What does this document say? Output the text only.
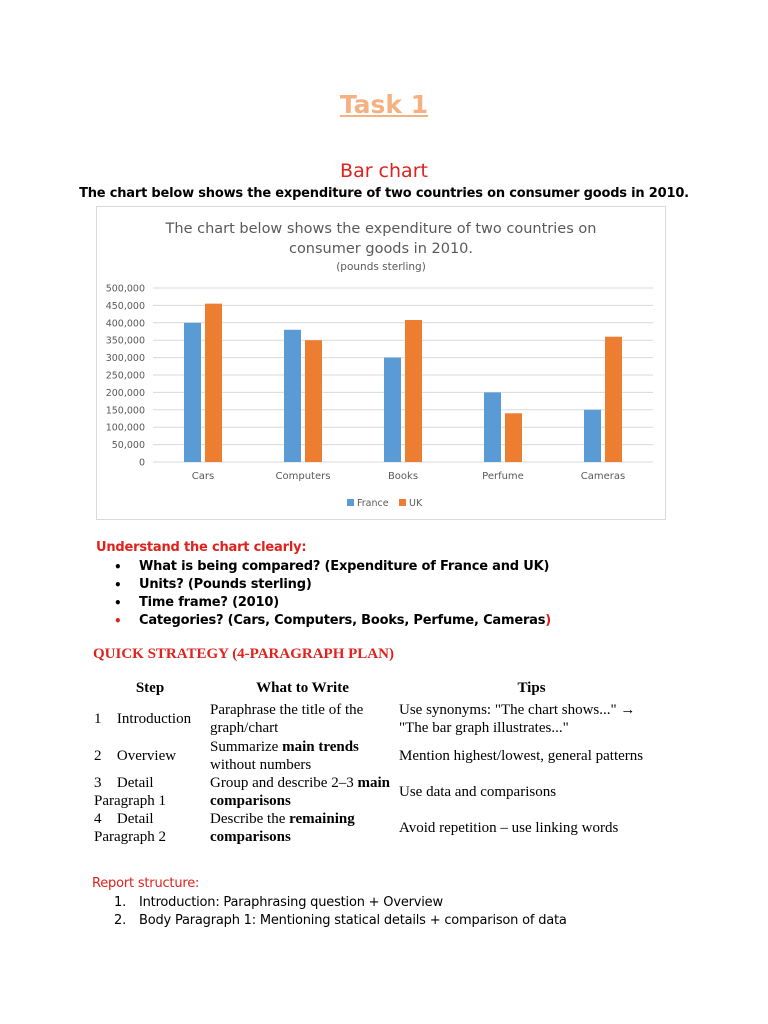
Task 1
Bar chart
The chart below shows the expenditure of two countries on consumer goods in 2010.
The chart below shows the expenditure of two countries on
consumer goods in 2010.
(pounds sterling)
0
50,000
100,000
150,000
200,000
250,000
300,000
350,000
400,000
450,000
500,000
Cars	Computers	Books	Perfume	Cameras
France UK
Understand the chart clearly:
• What is being compared? (Expenditure of France and UK)
• Units? (Pounds sterling)
• Time frame? (2010)
• Categories? (Cars, Computers, Books, Perfume, Cameras)
QUICK STRATEGY (4-PARAGRAPH PLAN)
Step	What to Write	Tips
1⃣ Introduction	Paraphrase the title of the graph/chart	Use synonyms: "The chart shows..." → "The bar graph illustrates..."
2⃣ Overview	Summarize main trends without numbers	Mention highest/lowest, general patterns
3⃣ Detail Paragraph 1	Group and describe 2–3 main comparisons	Use data and comparisons
4⃣ Detail Paragraph 2	Describe the remaining comparisons	Avoid repetition – use linking words
Report structure:
1. Introduction: Paraphrasing question + Overview
2. Body Paragraph 1: Mentioning statical details + comparison of data
